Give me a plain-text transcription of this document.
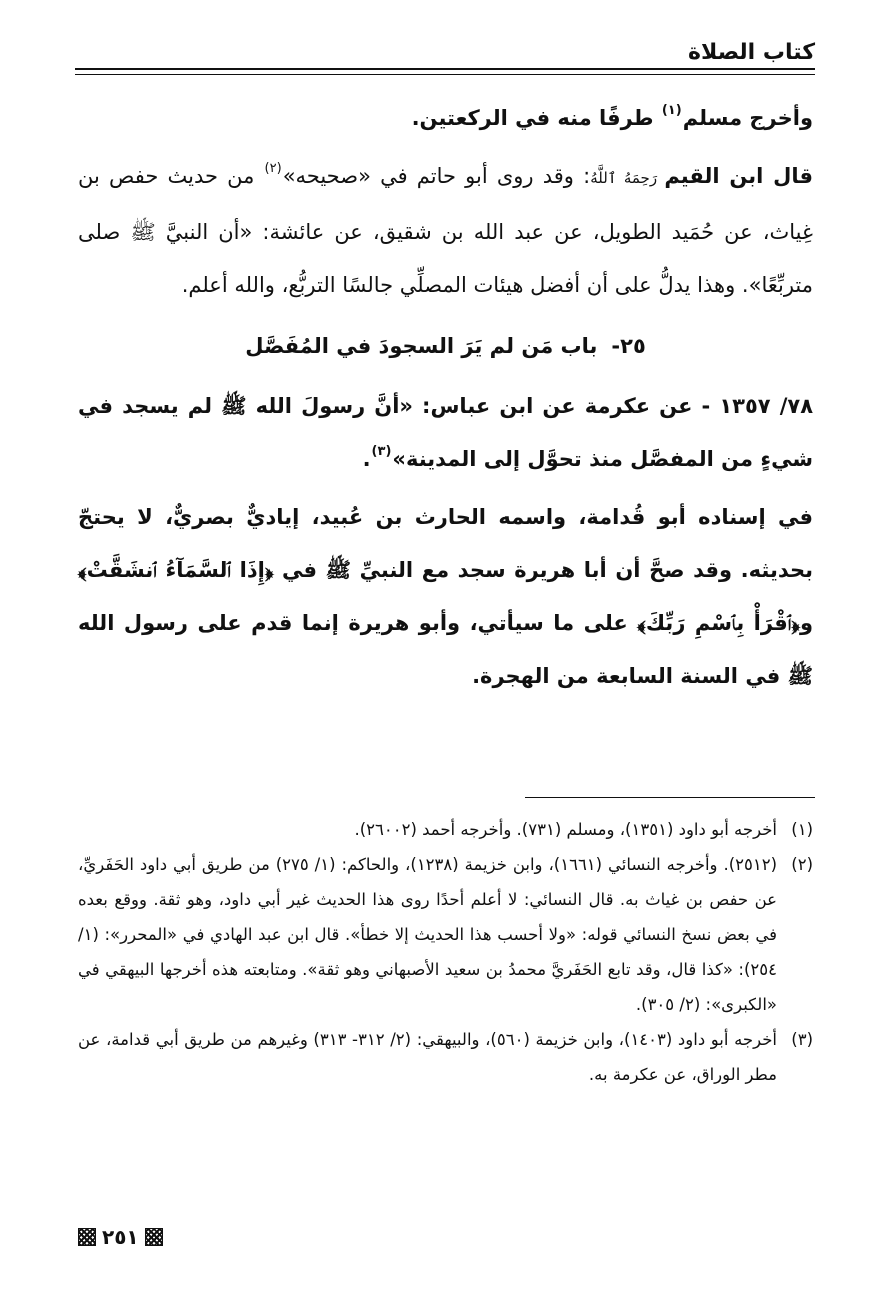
كتاب الصلاة

وأخرج مسلم$^{(١)}$ طرفًا منه في الركعتين.

قال ابن القيم رَحِمَهُ ٱللَّهُ: وقد روى أبو حاتم في «صحيحه»$^{(٢)}$ من حديث حفص بن غِياث، عن حُمَيد الطويل، عن عبد الله بن شقيق، عن عائشة: «أن النبيَّ ﷺ صلى متربِّعًا». وهذا يدلُّ على أن أفضل هيئات المصلِّي جالسًا التربُّع، والله أعلم.

٢٥-باب مَن لم يَرَ السجودَ في المُفَصَّل

٧٨/ ١٣٥٧ - عن عكرمة عن ابن عباس: «أنَّ رسولَ الله ﷺ لم يسجد في شيءٍ من المفصَّل منذ تحوَّل إلى المدينة»$^{(٣)}$.

في إسناده أبو قُدامة، واسمه الحارث بن عُبيد، إياديٌّ بصريٌّ، لا يحتجّ بحديثه. وقد صحَّ أن أبا هريرة سجد مع النبيِّ ﷺ في ﴿إِذَا ٱلسَّمَآءُ ٱنشَقَّتْ﴾ و﴿ٱقْرَأْ بِٱسْمِ رَبِّكَ﴾ على ما سيأتي، وأبو هريرة إنما قدم على رسول الله ﷺ في السنة السابعة من الهجرة.

(١)

أخرجه أبو داود (١٣٥١)، ومسلم (٧٣١). وأخرجه أحمد (٢٦٠٠٢).

(٢)

(٢٥١٢). وأخرجه النسائي (١٦٦١)، وابن خزيمة (١٢٣٨)، والحاكم: (١/ ٢٧٥) من طريق أبي داود الحَفَريِّ، عن حفص بن غياث به. قال النسائي: لا أعلم أحدًا روى هذا الحديث غير أبي داود، وهو ثقة. ووقع بعده في بعض نسخ النسائي قوله: «ولا أحسب هذا الحديث إلا خطأ». قال ابن عبد الهادي في «المحرر»: (١/ ٢٥٤): «كذا قال، وقد تابع الحَفَريَّ محمدُ بن سعيد الأصبهاني وهو ثقة». ومتابعته هذه أخرجها البيهقي في «الكبرى»: (٢/ ٣٠٥).

(٣)

أخرجه أبو داود (١٤٠٣)، وابن خزيمة (٥٦٠)، والبيهقي: (٢/ ٣١٢- ٣١٣) وغيرهم من طريق أبي قدامة، عن مطر الوراق، عن عكرمة به.

٢٥١
